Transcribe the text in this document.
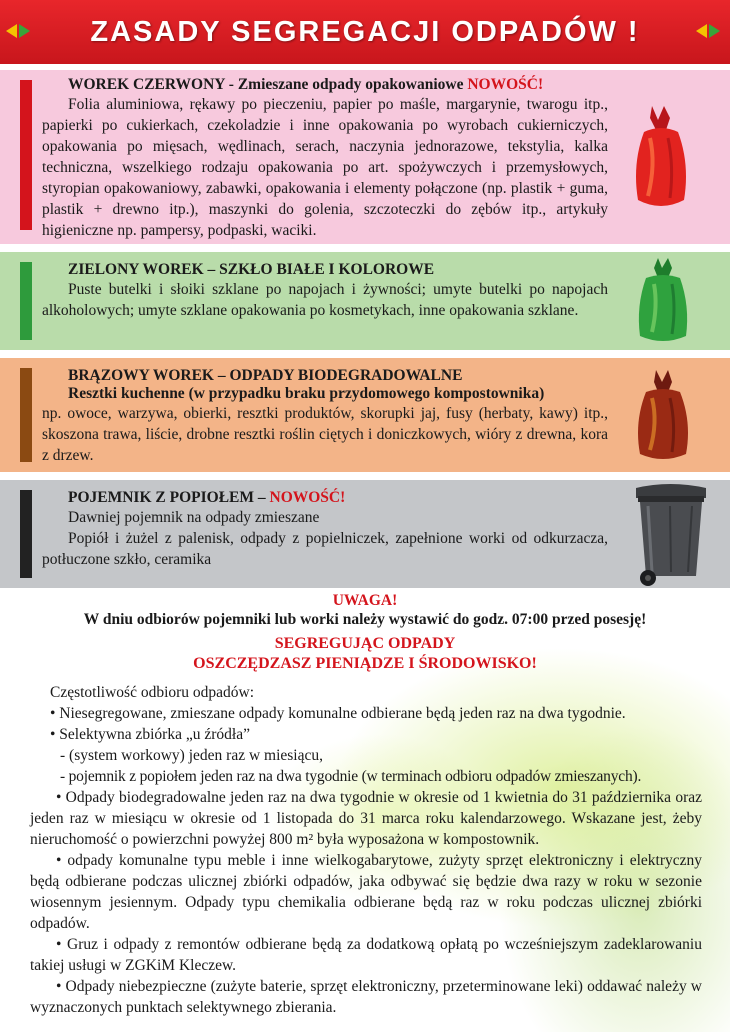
ZASADY SEGREGACJI ODPADÓW !
WOREK CZERWONY - Zmieszane odpady opakowaniowe NOWOŚĆ!
Folia aluminiowa, rękawy po pieczeniu, papier po maśle, margarynie, twarogu itp., papierki po cukierkach, czekoladzie i inne opakowania po wyrobach cukierniczych, opakowania po mięsach, wędlinach, serach, naczynia jednorazowe, tekstylia, kalka techniczna, wszelkiego rodzaju opakowania po art. spożywczych i przemysłowych, styropian opakowaniowy, zabawki, opakowania i elementy połączone (np. plastik + guma, plastik + drewno itp.), maszynki do golenia, szczoteczki do zębów itp., artykuły higieniczne np. pampersy, podpaski, waciki.
ZIELONY WOREK – SZKŁO BIAŁE I KOLOROWE
Puste butelki i słoiki szklane po napojach i żywności; umyte butelki po napojach alkoholowych; umyte szklane opakowania po kosmetykach, inne opakowania szklane.
BRĄZOWY WOREK – ODPADY BIODEGRADOWALNE
Resztki kuchenne (w przypadku braku przydomowego kompostownika)
np. owoce, warzywa, obierki, resztki produktów, skorupki jaj, fusy (herbaty, kawy) itp., skoszona trawa, liście, drobne resztki roślin ciętych i doniczkowych, wióry z drewna, kora z drzew.
POJEMNIK Z POPIOŁEM – NOWOŚĆ!
Dawniej pojemnik na odpady zmieszane
Popiół i żużel z palenisk, odpady z popielniczek, zapełnione worki od odkurzacza, potłuczone szkło, ceramika
UWAGA!
W dniu odbiorów pojemniki lub worki należy wystawić do godz. 07:00 przed posesję!
SEGREGUJĄC ODPADY
OSZCZĘDZASZ PIENIĄDZE I ŚRODOWISKO!
Częstotliwość odbioru odpadów:
• Niesegregowane, zmieszane odpady komunalne odbierane będą jeden raz na dwa tygodnie.
• Selektywna zbiórka „u źródła”
- (system workowy) jeden raz w miesiącu,
- pojemnik z popiołem jeden raz na dwa tygodnie (w terminach odbioru odpadów zmieszanych).
• Odpady biodegradowalne jeden raz na dwa tygodnie w okresie od 1 kwietnia do 31 października oraz jeden raz w miesiącu w okresie od 1 listopada do 31 marca roku kalendarzowego. Wskazane jest, żeby nieruchomość o powierzchni powyżej 800 m² była wyposażona w kompostownik.
• odpady komunalne typu meble i inne wielkogabarytowe, zużyty sprzęt elektroniczny i elektryczny będą odbierane podczas ulicznej zbiórki odpadów, jaka odbywać się będzie dwa razy w roku w sezonie wiosennym jesiennym. Odpady typu chemikalia odbierane będą raz w roku podczas ulicznej zbiórki odpadów.
• Gruz i odpady z remontów odbierane będą za dodatkową opłatą po wcześniejszym zadeklarowaniu takiej usługi w ZGKiM Kleczew.
• Odpady niebezpieczne (zużyte baterie, sprzęt elektroniczny, przeterminowane leki) oddawać należy w wyznaczonych punktach selektywnego zbierania.
